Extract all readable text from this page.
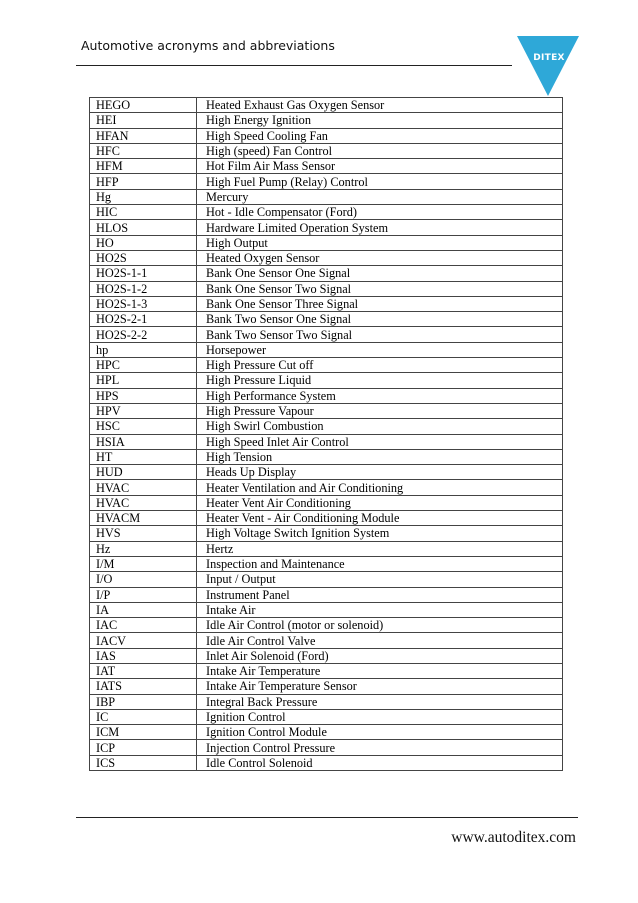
Automotive acronyms and abbreviations
DITEX
HEGO	Heated Exhaust Gas Oxygen Sensor
HEI	High Energy Ignition
HFAN	High Speed Cooling Fan
HFC	High (speed) Fan Control
HFM	Hot Film Air Mass Sensor
HFP	High Fuel Pump (Relay) Control
Hg	Mercury
HIC	Hot - Idle Compensator (Ford)
HLOS	Hardware Limited Operation System
HO	High Output
HO2S	Heated Oxygen Sensor
HO2S-1-1	Bank One Sensor One Signal
HO2S-1-2	Bank One Sensor Two Signal
HO2S-1-3	Bank One Sensor Three Signal
HO2S-2-1	Bank Two Sensor One Signal
HO2S-2-2	Bank Two Sensor Two Signal
hp	Horsepower
HPC	High Pressure Cut off
HPL	High Pressure Liquid
HPS	High Performance System
HPV	High Pressure Vapour
HSC	High Swirl Combustion
HSIA	High Speed Inlet Air Control
HT	High Tension
HUD	Heads Up Display
HVAC	Heater Ventilation and Air Conditioning
HVAC	Heater Vent Air Conditioning
HVACM	Heater Vent - Air Conditioning Module
HVS	High Voltage Switch Ignition System
Hz	Hertz
I/M	Inspection and Maintenance
I/O	Input / Output
I/P	Instrument Panel
IA	Intake Air
IAC	Idle Air Control (motor or solenoid)
IACV	Idle Air Control Valve
IAS	Inlet Air Solenoid (Ford)
IAT	Intake Air Temperature
IATS	Intake Air Temperature Sensor
IBP	Integral Back Pressure
IC	Ignition Control
ICM	Ignition Control Module
ICP	Injection Control Pressure
ICS	Idle Control Solenoid
www.autoditex.com
